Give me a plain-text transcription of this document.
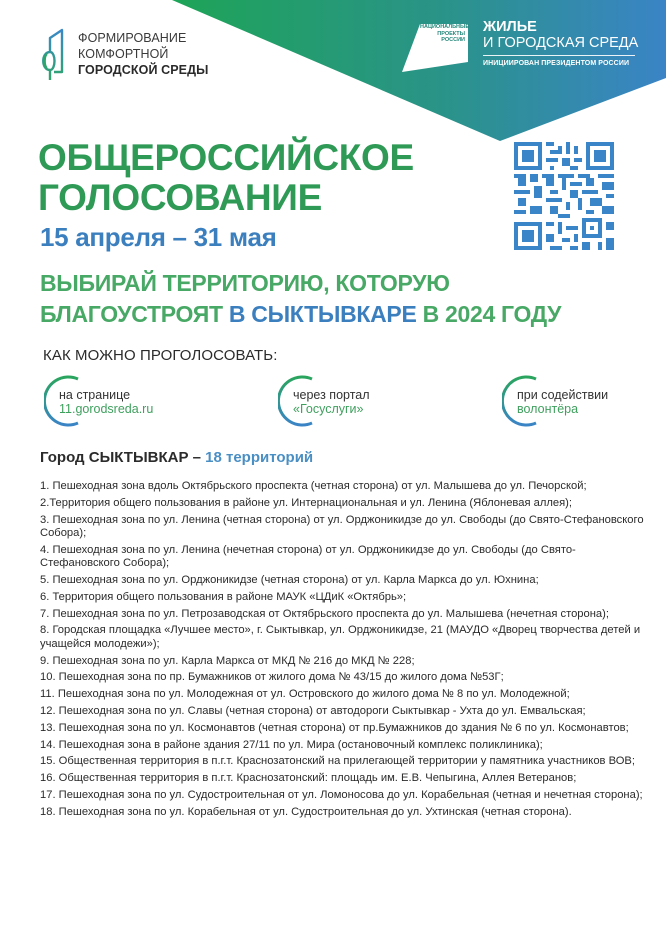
ФОРМИРОВАНИЕ
КОМФОРТНОЙ
ГОРОДСКОЙ СРЕДЫ
НАЦИОНАЛЬНЫЕ
ПРОЕКТЫ
РОССИИ
ЖИЛЬЕ
И ГОРОДСКАЯ СРЕДА
ИНИЦИИРОВАН ПРЕЗИДЕНТОМ РОССИИ
ОБЩЕРОССИЙСКОЕ
ГОЛОСОВАНИЕ
15 апреля – 31 мая
ВЫБИРАЙ ТЕРРИТОРИЮ, КОТОРУЮ
БЛАГОУСТРОЯТ В СЫКТЫВКАРЕ В 2024 ГОДУ
КАК МОЖНО ПРОГОЛОСОВАТЬ:
на странице
11.gorodsreda.ru
через портал
«Госуслуги»
при содействии
волонтёра
Город СЫКТЫВКАР – 18 территорий
1. Пешеходная зона вдоль Октябрьского проспекта (четная сторона) от ул. Малышева до ул. Печорской;
2.Территория общего пользования в районе ул. Интернациональная и ул. Ленина (Яблоневая аллея);
3. Пешеходная зона по ул. Ленина (четная сторона) от ул. Орджоникидзе до ул. Свободы (до Свято-Стефановского Собора);
4. Пешеходная зона по ул. Ленина (нечетная сторона) от ул. Орджоникидзе до ул. Свободы (до Свято-Стефановского Собора);
5. Пешеходная зона по ул. Орджоникидзе (четная сторона) от ул. Карла Маркса до ул. Юхнина;
6. Территория общего пользования в районе МАУК «ЦДиК «Октябрь»;
7. Пешеходная зона по ул. Петрозаводская от Октябрьского проспекта до ул. Малышева (нечетная сторона);
8. Городская площадка «Лучшее место», г. Сыктывкар, ул. Орджоникидзе, 21 (МАУДО «Дворец творчества детей и учащейся молодежи»);
9. Пешеходная зона по ул. Карла Маркса от МКД № 216 до МКД № 228;
10. Пешеходная зона по пр. Бумажников от жилого дома № 43/15 до жилого дома №53Г;
11. Пешеходная зона по ул. Молодежная от ул. Островского до жилого дома № 8 по ул. Молодежной;
12. Пешеходная зона по ул. Славы (четная сторона) от автодороги Сыктывкар - Ухта до ул. Емвальская;
13. Пешеходная зона по ул. Космонавтов (четная сторона) от пр.Бумажников до здания № 6 по ул. Космонавтов;
14. Пешеходная зона в районе здания 27/11 по ул. Мира (остановочный комплекс поликлиника);
15. Общественная территория в п.г.т. Краснозатонский на прилегающей территории у памятника участников ВОВ;
16. Общественная территория в п.г.т. Краснозатонский: площадь им. Е.В. Чепыгина, Аллея Ветеранов;
17. Пешеходная зона по ул. Судостроительная от ул. Ломоносова до ул. Корабельная (четная и нечетная сторона);
18. Пешеходная зона по ул. Корабельная от ул. Судостроительная до ул. Ухтинская (четная сторона).
